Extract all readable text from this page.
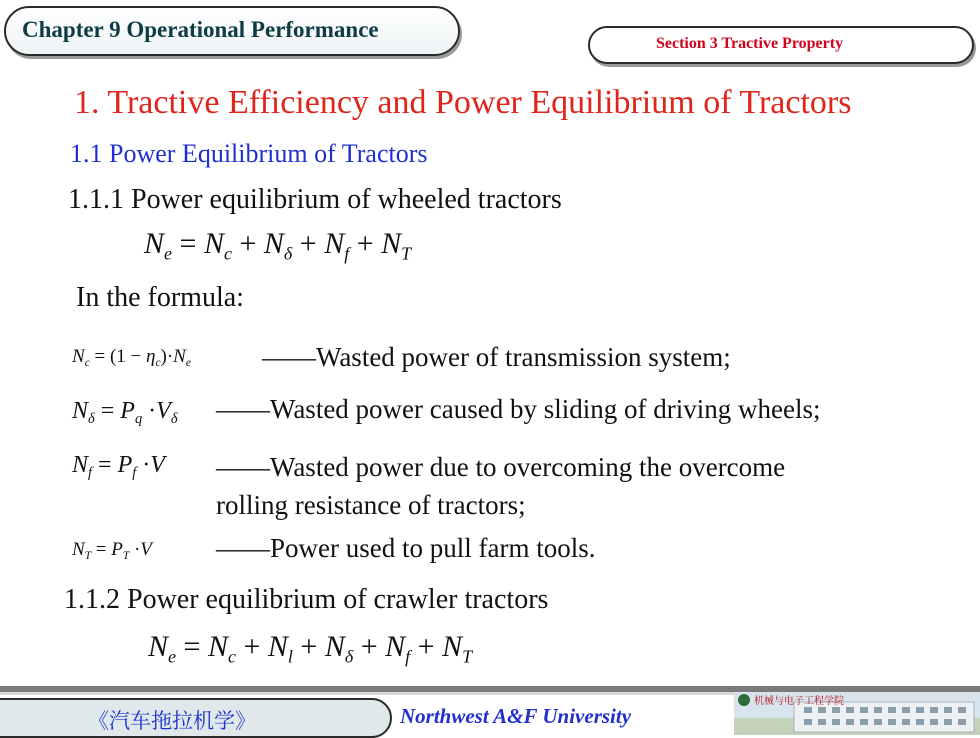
Chapter 9 Operational Performance
Section 3 Tractive Property
1. Tractive Efficiency and Power Equilibrium of Tractors
1.1 Power Equilibrium of Tractors
1.1.1 Power equilibrium of wheeled tractors
$N_e = N_c + N_\delta + N_f + N_T$
In the formula:
$N_c = (1 - \eta_c)\cdot N_e$	——Wasted power of transmission system;
$N_\delta = P_q \cdot V_\delta$ ——Wasted power caused by sliding of driving wheels;
$N_f = P_f \cdot V$ ——Wasted power due to overcoming the overcome
rolling resistance of tractors;
$N_T = P_T \cdot V$ ——Power used to pull farm tools.
1.1.2 Power equilibrium of crawler tractors
$N_e = N_c + N_l + N_\delta + N_f + N_T$
《汽车拖拉机学》	Northwest A&F University
机械与电子工程学院
